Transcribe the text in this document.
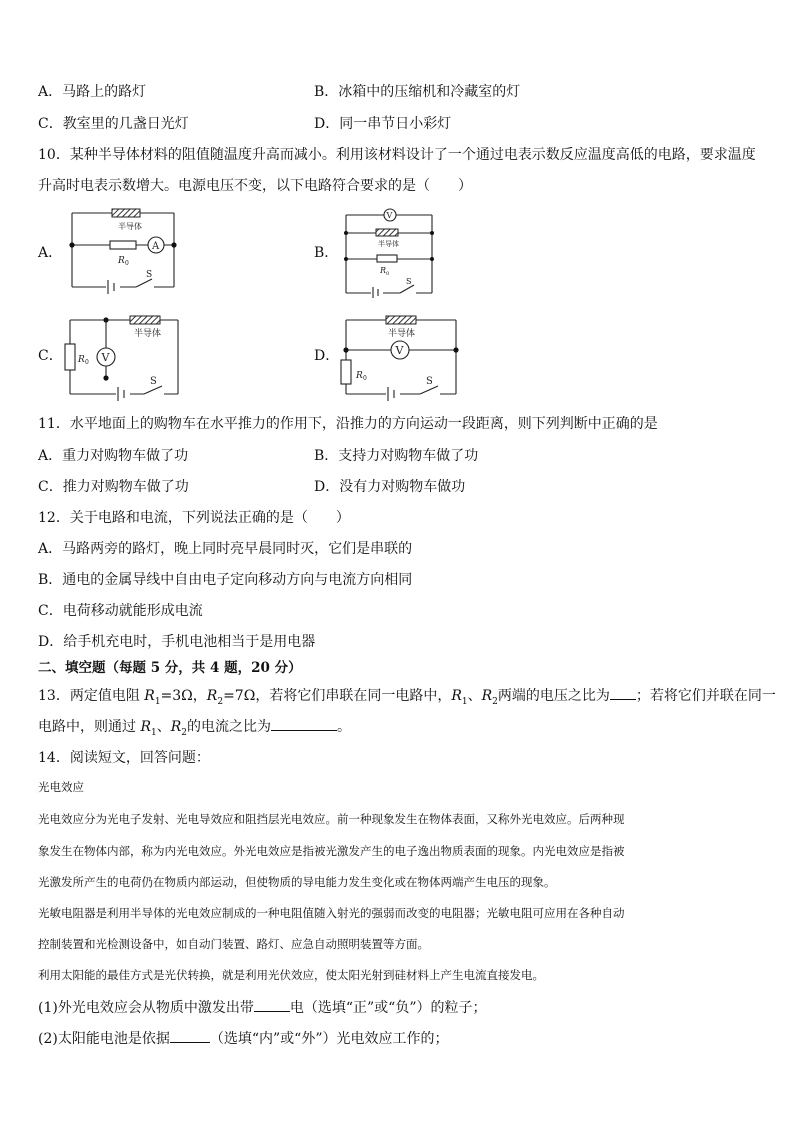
A．马路上的路灯	B．冰箱中的压缩机和冷藏室的灯
C．教室里的几盏日光灯	D．同一串节日小彩灯
10．某种半导体材料的阻值随温度升高而减小。利用该材料设计了一个通过电表示数反应温度高低的电路，要求温度
升高时电表示数增大。电源电压不变，以下电路符合要求的是（　　）
A．	B．
C．	D．
半导体
A
R 0
S
V
半导体
R 0
S
半导体
V
R 0
S
半导体
V
R 0	S
11．水平地面上的购物车在水平推力的作用下，沿推力的方向运动一段距离，则下列判断中正确的是
A．重力对购物车做了功	B．支持力对购物车做了功
C．推力对购物车做了功	D．没有力对购物车做功
12．关于电路和电流，下列说法正确的是（　　）
A．马路两旁的路灯，晚上同时亮早晨同时灭，它们是串联的
B．通电的金属导线中自由电子定向移动方向与电流方向相同
C．电荷移动就能形成电流
D．给手机充电时，手机电池相当于是用电器
二、填空题（每题 5 分，共 4 题，20 分）
13．两定值电阻 $R_1=3\Omega$，$R_2=7\Omega$，若将它们串联在同一电路中，$R_1$、$R_2$两端的电压之比为 ；若将它们并联在同一
电路中，则通过 $R_1$、$R_2$的电流之比为	。
14．阅读短文，回答问题：
光电效应
光电效应分为光电子发射、光电导效应和阻挡层光电效应。前一种现象发生在物体表面，又称外光电效应。后两种现
象发生在物体内部，称为内光电效应。外光电效应是指被光激发产生的电子逸出物质表面的现象。内光电效应是指被
光激发所产生的电荷仍在物质内部运动，但使物质的导电能力发生变化或在物体两端产生电压的现象。
光敏电阻器是利用半导体的光电效应制成的一种电阻值随入射光的强弱而改变的电阻器；光敏电阻可应用在各种自动
控制装置和光检测设备中，如自动门装置、路灯、应急自动照明装置等方面。
利用太阳能的最佳方式是光伏转换，就是利用光伏效应，使太阳光射到硅材料上产生电流直接发电。
(1)外光电效应会从物质中激发出带	电（选填“正”或“负”）的粒子；
(2)太阳能电池是依据	（选填“内”或“外”）光电效应工作的；
